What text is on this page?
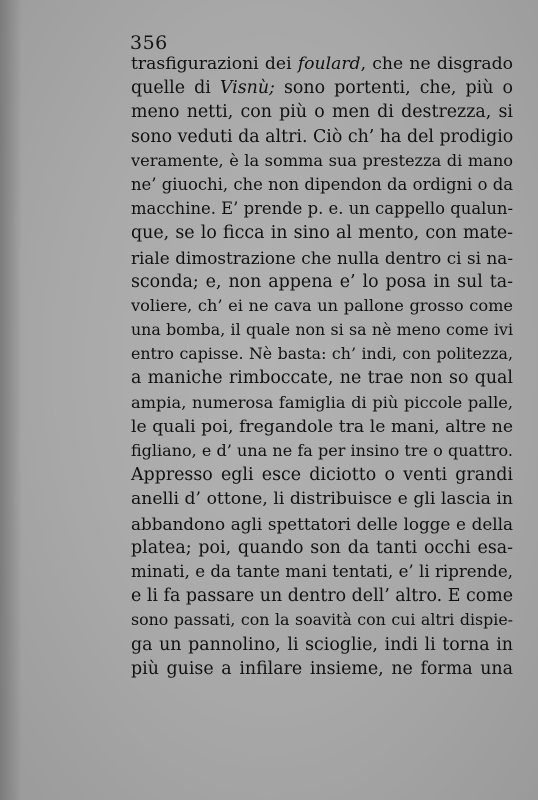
356
trasfigurazioni dei foulard, che ne disgrado
quelle di Visnù; sono portenti, che, più o
meno netti, con più o men di destrezza, si
sono veduti da altri. Ciò ch’ ha del prodigio
veramente, è la somma sua prestezza di mano
ne’ giuochi, che non dipendon da ordigni o da
macchine. E’ prende p. e. un cappello qualun-
que, se lo ficca in sino al mento, con mate-
riale dimostrazione che nulla dentro ci si na-
sconda; e, non appena e’ lo posa in sul ta-
voliere, ch’ ei ne cava un pallone grosso come
una bomba, il quale non si sa nè meno come ivi
entro capisse. Nè basta: ch’ indi, con politezza,
a maniche rimboccate, ne trae non so qual
ampia, numerosa famiglia di più piccole palle,
le quali poi, fregandole tra le mani, altre ne
figliano, e d’ una ne fa per insino tre o quattro.
Appresso egli esce diciotto o venti grandi
anelli d’ ottone, li distribuisce e gli lascia in
abbandono agli spettatori delle logge e della
platea; poi, quando son da tanti occhi esa-
minati, e da tante mani tentati, e’ li riprende,
e li fa passare un dentro dell’ altro. E come
sono passati, con la soavità con cui altri dispie-
ga un pannolino, li scioglie, indi li torna in
più guise a infilare insieme, ne forma una
